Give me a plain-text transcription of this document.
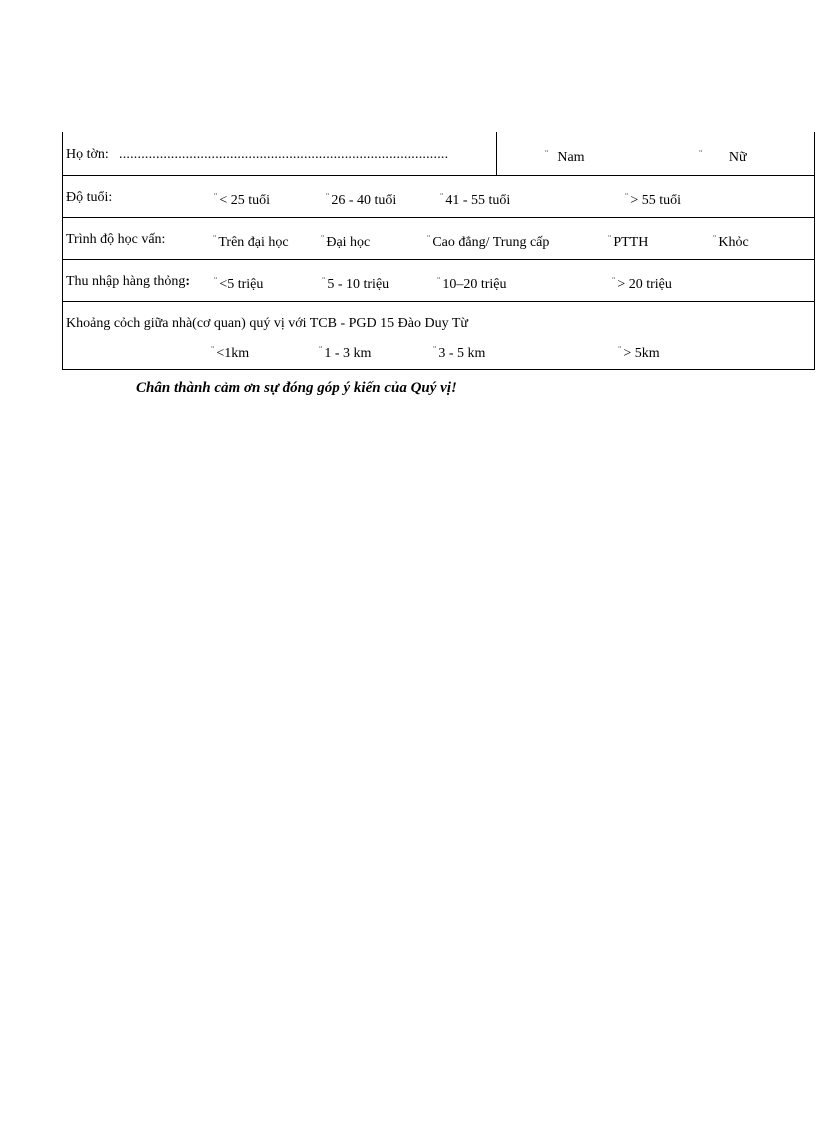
Họ tờn: .........................................................................................	¨ Nam	¨ Nữ
Độ tuổi:	¨ < 25 tuổi	¨ 26 - 40 tuổi	¨ 41 - 55 tuổi	¨ > 55 tuổi
Trình độ học vấn:	¨ Trên đại học	¨ Đại học	¨ Cao đẳng/ Trung cấp	¨ PTTH	¨ Khỏc
Thu nhập hàng thỏng: ¨ <5 triệu	¨ 5 - 10 triệu	¨ 10–20 triệu	¨ > 20 triệu
Khoảng cỏch giữa nhà(cơ quan) quý vị với TCB - PGD 15 Đào Duy Từ
¨ <1km	¨ 1 - 3 km	¨ 3 - 5 km	¨ > 5km
Chân thành cảm ơn sự đóng góp ý kiến của Quý vị!
